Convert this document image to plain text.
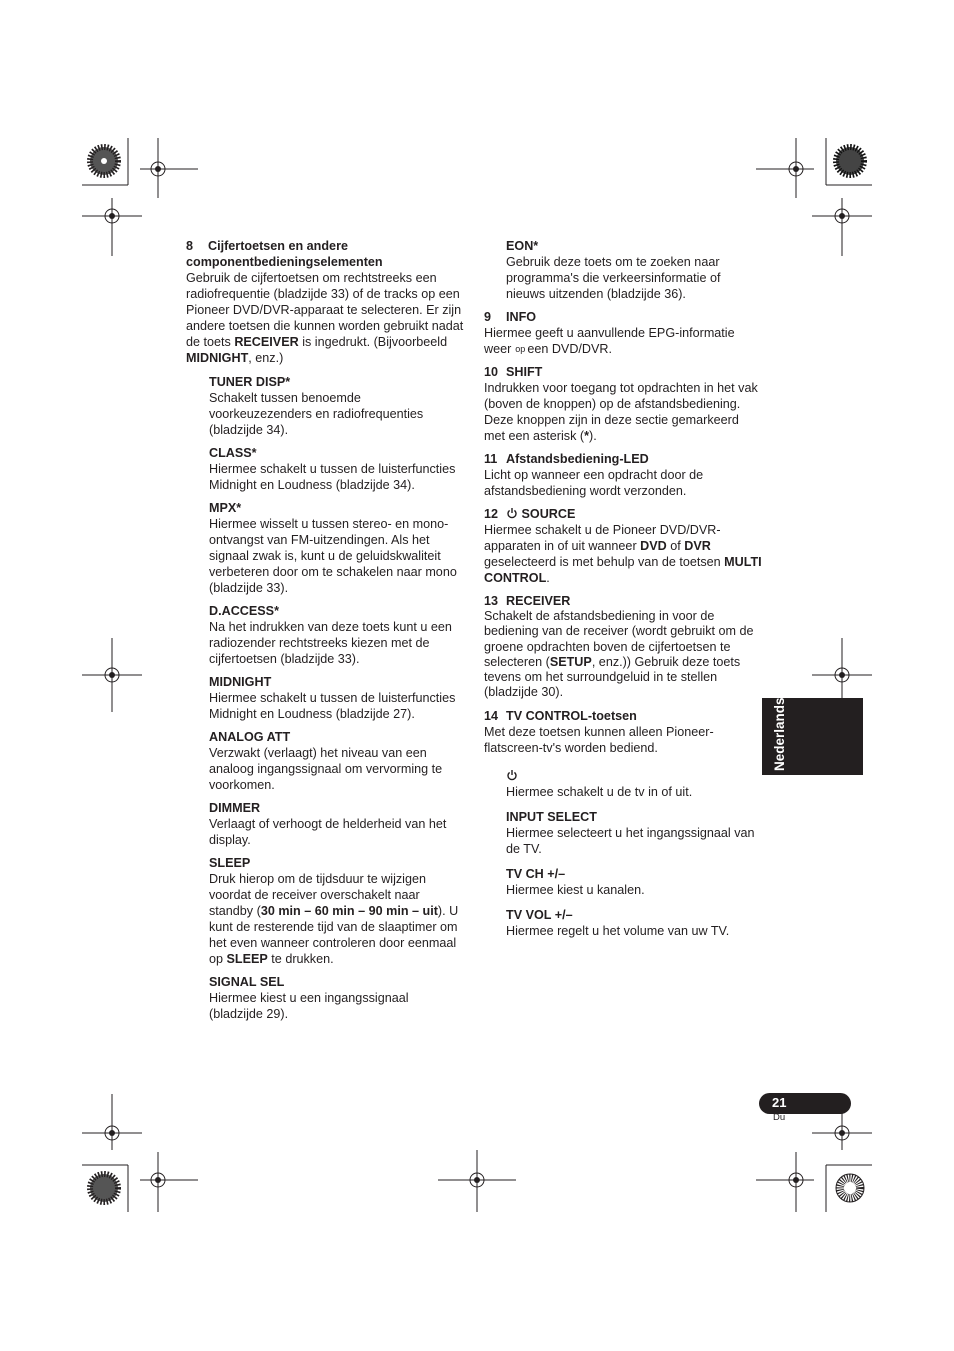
8 Cijfertoetsen en andere componentbedieningselementen

Gebruik de cijfertoetsen om rechtstreeks een radiofrequentie (bladzijde 33) of de tracks op een Pioneer DVD/DVR-apparaat te selecteren. Er zijn andere toetsen die kunnen worden gebruikt nadat de toets RECEIVER is ingedrukt. (Bijvoorbeeld MIDNIGHT, enz.)

TUNER DISP*
Schakelt tussen benoemde voorkeuzezenders en radiofrequenties (bladzijde 34).
CLASS*
Hiermee schakelt u tussen de luisterfuncties Midnight en Loudness (bladzijde 34).
MPX*
Hiermee wisselt u tussen stereo- en mono-ontvangst van FM-uitzendingen. Als het signaal zwak is, kunt u de geluidskwaliteit verbeteren door om te schakelen naar mono (bladzijde 33).
D.ACCESS*
Na het indrukken van deze toets kunt u een radiozender rechtstreeks kiezen met de cijfertoetsen (bladzijde 33).
MIDNIGHT
Hiermee schakelt u tussen de luisterfuncties Midnight en Loudness (bladzijde 27).
ANALOG ATT
Verzwakt (verlaagt) het niveau van een analoog ingangssignaal om vervorming te voorkomen.
DIMMER
Verlaagt of verhoogt de helderheid van het display.
SLEEP
Druk hierop om de tijdsduur te wijzigen voordat de receiver overschakelt naar standby (30 min – 60 min – 90 min – uit). U kunt de resterende tijd van de slaaptimer om het even wanneer controleren door eenmaal op SLEEP te drukken.
SIGNAL SEL
Hiermee kiest u een ingangssignaal (bladzijde 29).
EON*
Gebruik deze toets om te zoeken naar programma's die verkeersinformatie of nieuws uitzenden (bladzijde 36).

9 INFO

Hiermee geeft u aanvullende EPG-informatie weer op een DVD/DVR.

10 SHIFT

Indrukken voor toegang tot opdrachten in het vak (boven de knoppen) op de afstandsbediening. Deze knoppen zijn in deze sectie gemarkeerd met een asterisk (*).

11 Afstandsbediening-LED

Licht op wanneer een opdracht door de afstandsbediening wordt verzonden.

12 SOURCE

Hiermee schakelt u de Pioneer DVD/DVR-apparaten in of uit wanneer DVD of DVR geselecteerd is met behulp van de toetsen MULTI CONTROL.

13 RECEIVER

Schakelt de afstandsbediening in voor de bediening van de receiver (wordt gebruikt om de groene opdrachten boven de cijfertoetsen te selecteren (SETUP, enz.)) Gebruik deze toets tevens om het surroundgeluid in te stellen (bladzijde 30).

14 TV CONTROL-toetsen

Met deze toetsen kunnen alleen Pioneer-flatscreen-tv's worden bediend.

Hiermee schakelt u de tv in of uit.
INPUT SELECT
Hiermee selecteert u het ingangssignaal van de TV.
TV CH +/–
Hiermee kiest u kanalen.
TV VOL +/–
Hiermee regelt u het volume van uw TV.
Nederlands
21
Du
